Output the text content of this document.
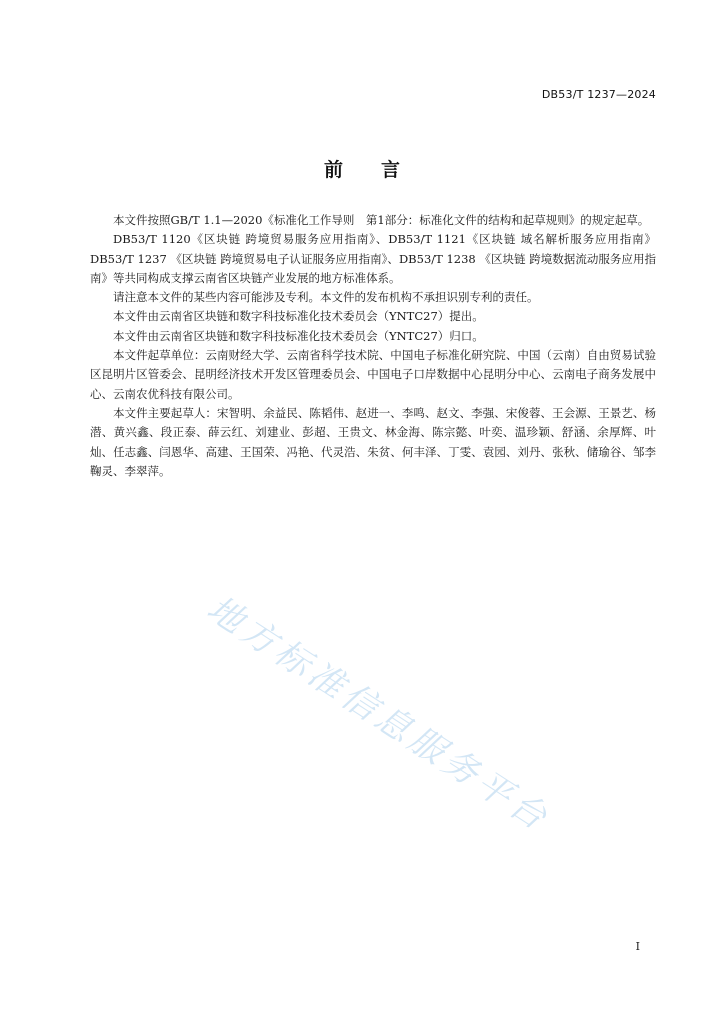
DB53/T 1237—2024
前言

本文件按照GB/T 1.1—2020《标准化工作导则　第1部分：标准化文件的结构和起草规则》的规定起草。

DB53/T 1120《区块链 跨境贸易服务应用指南》、DB53/T 1121《区块链 域名解析服务应用指南》DB53/T 1237 《区块链 跨境贸易电子认证服务应用指南》、DB53/T 1238 《区块链 跨境数据流动服务应用指南》等共同构成支撑云南省区块链产业发展的地方标准体系。

请注意本文件的某些内容可能涉及专利。本文件的发布机构不承担识别专利的责任。

本文件由云南省区块链和数字科技标准化技术委员会（YNTC27）提出。

本文件由云南省区块链和数字科技标准化技术委员会（YNTC27）归口。

本文件起草单位：云南财经大学、云南省科学技术院、中国电子标准化研究院、中国（云南）自由贸易试验区昆明片区管委会、昆明经济技术开发区管理委员会、中国电子口岸数据中心昆明分中心、云南电子商务发展中心、云南农优科技有限公司。

本文件主要起草人：宋智明、余益民、陈韬伟、赵进一、李鸣、赵文、李强、宋俊蓉、王会源、王景艺、杨潜、黄兴鑫、段正泰、薛云红、刘建业、彭超、王贵文、林金海、陈宗懿、叶奕、温珍颖、舒涵、余厚辉、叶灿、任志鑫、闫恩华、高建、王国荣、冯艳、代灵浩、朱贫、何丰泽、丁雯、袁园、刘丹、张秋、储瑜谷、邹李鞠灵、李翠萍。

地方标准信息服务平台
I
